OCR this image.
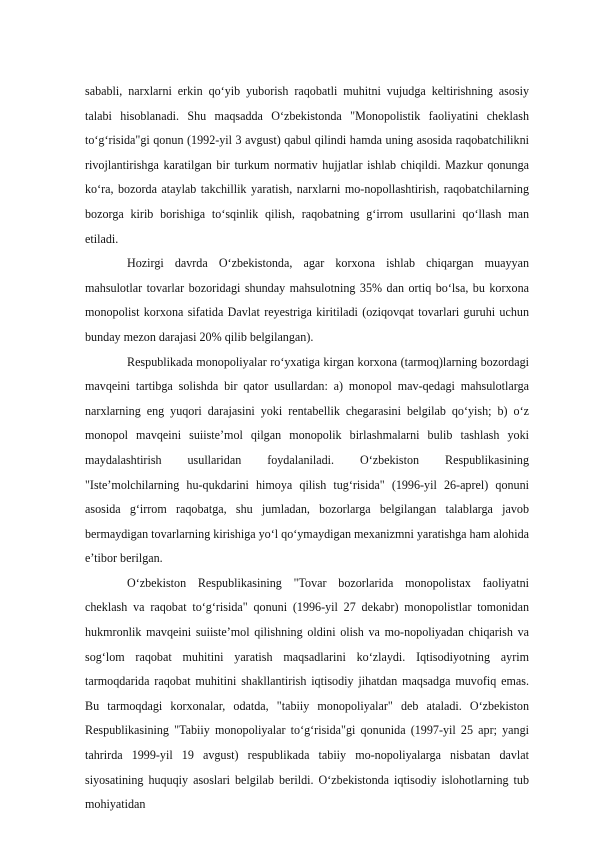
sababli, narxlarni erkin qo‘yib yuborish raqobatli muhitni vujudga keltirishning asosiy talabi hisoblanadi. Shu maqsadda O‘zbekistonda "Monopolistik faoliyatini cheklash to‘g‘risida"gi qonun (1992-yil 3 avgust) qabul qilindi hamda uning asosida raqobatchilikni rivojlantirishga karatilgan bir turkum normativ hujjatlar ishlab chiqildi. Mazkur qonunga ko‘ra, bozorda ataylab takchillik yaratish, narxlarni mo-nopollashtirish, raqobatchilarning bozorga kirib borishiga to‘sqinlik qilish, raqobatning g‘irrom usullarini qo‘llash man etiladi.

Hozirgi davrda O‘zbekistonda, agar korxona ishlab chiqargan muayyan mahsulotlar tovarlar bozoridagi shunday mahsulotning 35% dan ortiq bo‘lsa, bu korxona monopolist korxona sifatida Davlat reyestriga kiritiladi (oziqovqat tovarlari guruhi uchun bunday mezon darajasi 20% qilib belgilangan).

Respublikada monopoliyalar ro‘yxatiga kirgan korxona (tarmoq)larning bozordagi mavqeini tartibga solishda bir qator usullardan: a) monopol mav-qedagi mahsulotlarga narxlarning eng yuqori darajasini yoki rentabellik chegarasini belgilab qo‘yish; b) o‘z monopol mavqeini suiiste’mol qilgan monopolik birlashmalarni bulib tashlash yoki maydalashtirish usullaridan foydalaniladi. O‘zbekiston Respublikasining "Iste’molchilarning hu-qukdarini himoya qilish tug‘risida" (1996-yil 26-aprel) qonuni asosida g‘irrom raqobatga, shu jumladan, bozorlarga belgilangan talablarga javob bermaydigan tovarlarning kirishiga yo‘l qo‘ymaydigan mexanizmni yaratishga ham alohida e’tibor berilgan.

O‘zbekiston Respublikasining "Tovar bozorlarida monopolistax faoliyatni cheklash va raqobat to‘g‘risida" qonuni (1996-yil 27 dekabr) monopolistlar tomonidan hukmronlik mavqeini suiiste’mol qilishning oldini olish va mo-nopoliyadan chiqarish va sog‘lom raqobat muhitini yaratish maqsadlarini ko‘zlaydi. Iqtisodiyotning ayrim tarmoqdarida raqobat muhitini shakllantirish iqtisodiy jihatdan maqsadga muvofiq emas. Bu tarmoqdagi korxonalar, odatda, "tabiiy monopoliyalar" deb ataladi. O‘zbekiston Respublikasining "Tabiiy monopoliyalar to‘g‘risida"gi qonunida (1997-yil 25 apr; yangi tahrirda 1999-yil 19 avgust) respublikada tabiiy mo-nopoliyalarga nisbatan davlat siyosatining huquqiy asoslari belgilab berildi. O‘zbekistonda iqtisodiy islohotlarning tub mohiyatidan
